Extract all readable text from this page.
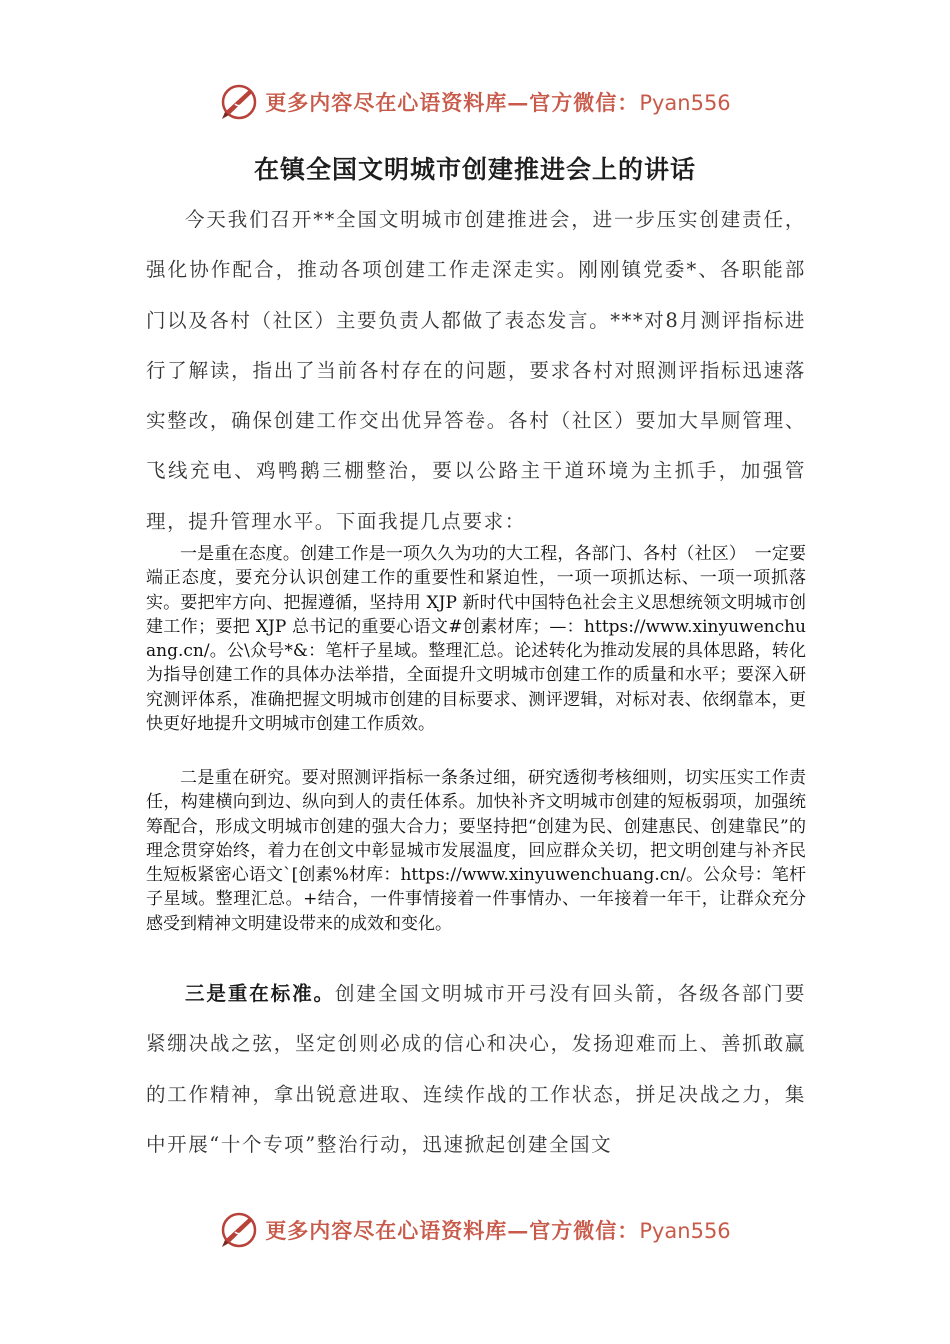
更多内容尽在心语资料库—官方微信：Pyan556
在镇全国文明城市创建推进会上的讲话

今天我们召开**全国文明城市创建推进会，进一步压实创建责任，强化协作配合，推动各项创建工作走深走实。刚刚镇党委*、各职能部门以及各村（社区）主要负责人都做了表态发言。***对8月测评指标进行了解读，指出了当前各村存在的问题，要求各村对照测评指标迅速落实整改，确保创建工作交出优异答卷。各村（社区）要加大旱厕管理、飞线充电、鸡鸭鹅三棚整治，要以公路主干道环境为主抓手，加强管理，提升管理水平。下面我提几点要求：

一是重在态度。创建工作是一项久久为功的大工程，各部门、各村（社区）　一定要端正态度，要充分认识创建工作的重要性和紧迫性，一项一项抓达标、一项一项抓落实。要把牢方向、把握遵循，坚持用 XJP 新时代中国特色社会主义思想统领文明城市创建工作；要把 XJP 总书记的重要心语文#创素材库；—：https://www.xinyuwenchuang.cn/。公\众号*&：笔杆子星域。整理汇总。论述转化为推动发展的具体思路，转化为指导创建工作的具体办法举措，全面提升文明城市创建工作的质量和水平；要深入研究测评体系，准确把握文明城市创建的目标要求、测评逻辑，对标对表、依纲靠本，更快更好地提升文明城市创建工作质效。

二是重在研究。要对照测评指标一条条过细，研究透彻考核细则，切实压实工作责任，构建横向到边、纵向到人的责任体系。加快补齐文明城市创建的短板弱项，加强统筹配合，形成文明城市创建的强大合力；要坚持把“创建为民、创建惠民、创建靠民”的理念贯穿始终，着力在创文中彰显城市发展温度，回应群众关切，把文明创建与补齐民生短板紧密心语文`[创素%材库：https://www.xinyuwenchuang.cn/。公众号：笔杆子星域。整理汇总。+结合，一件事情接着一件事情办、一年接着一年干，让群众充分感受到精神文明建设带来的成效和变化。

三是重在标准。创建全国文明城市开弓没有回头箭，各级各部门要紧绷决战之弦，坚定创则必成的信心和决心，发扬迎难而上、善抓敢赢的工作精神，拿出锐意进取、连续作战的工作状态，拼足决战之力，集中开展“十个专项”整治行动，迅速掀起创建全国文

更多内容尽在心语资料库—官方微信：Pyan556
